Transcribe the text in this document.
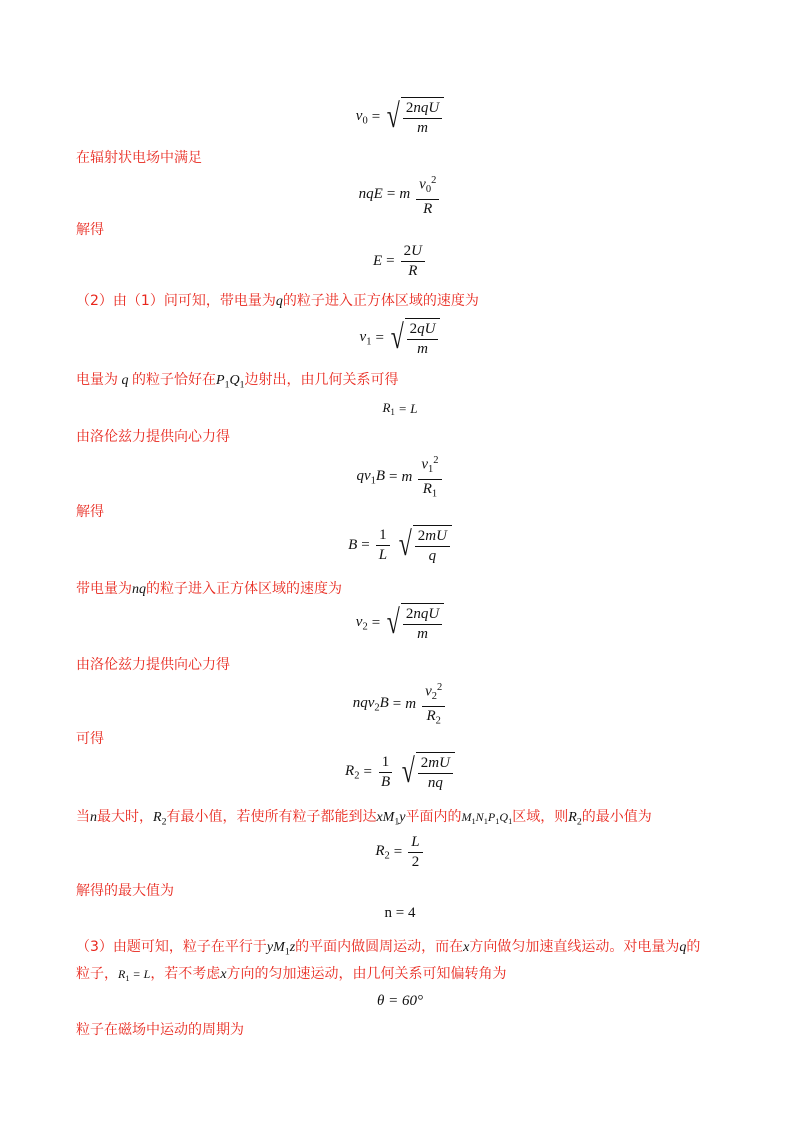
$v_0$ = √ $\frac{\text{2nqU}}{m}$
在辐射状电场中满足
nqE = m $\frac{v_0^2}{R}$
解得
$E = \frac{2U}{R}$
（2）由（1）问可知，带电量为q的粒子进入正方体区域的速度为
$v_1$ = √ $\frac{2qU}{m}$
电量为 q 的粒子恰好在$P_1Q_1$边射出，由几何关系可得
$R_1 = L$
由洛伦兹力提供向心力得
$qv_1B = m \frac{v_1^2}{R_1}$
解得
$B = \frac{1}{L}$ √ $\frac{2mU}{q}$
带电量为nq的粒子进入正方体区域的速度为
$v_2$ = √ $\frac{\text{2nqU}}{m}$
由洛伦兹力提供向心力得
nqv$_2$B = m $\frac{v_2^2}{R_2}$
可得
$R_2 = \frac{1}{B}$ √ $\frac{2mU}{nq}$
当n最大时，$R_2$有最小值，若使所有粒子都能到达$xM_1y$平面内的$M_1N_1P_1Q_1$区域，则$R_2$的最小值为
$R_2 = \frac{L}{2}$
解得的最大值为
n = 4
（3）由题可知，粒子在平行于$yM_1z$的平面内做圆周运动，而在x方向做匀加速直线运动。对电量为q的
粒子，$R_1 = L$，若不考虑x方向的匀加速运动，由几何关系可知偏转角为
θ = 60°
粒子在磁场中运动的周期为
